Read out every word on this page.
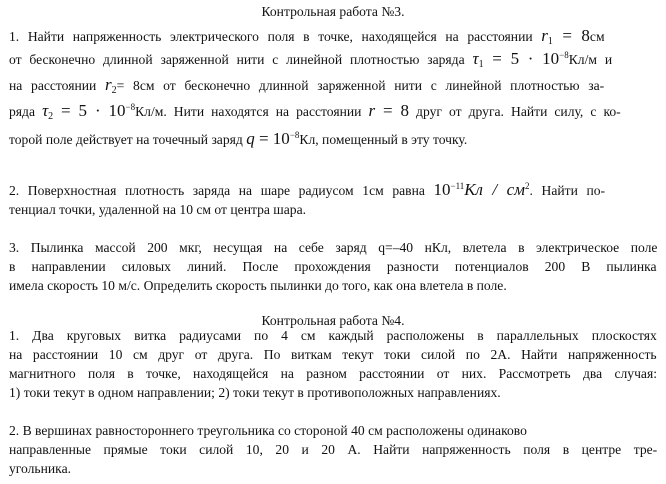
Контрольная работа №3.
1. Найти напряженность электрического поля в точке, находящейся на расстоянии $r_1 = 8см$
от бесконечно длинной заряженной нити с линейной плотностью заряда $\tau_1 = 5 \cdot 10^{-8}Кл/м$ и
на расстоянии $r_2= 8см$ от бесконечно длинной заряженной нити с линейной плотностью за-
ряда $\tau_2 = 5 \cdot 10^{-8}Кл/м$. Нити находятся на расстоянии r = 8 друг от друга. Найти силу, с ко-
торой поле действует на точечный заряд $q = 10^{-8}Кл$, помещенный в эту точку.
2. Поверхностная плотность заряда на шаре радиусом 1см равна $10^{-11}Кл / см^2$. Найти по-
тенциал точки, удаленной на 10 см от центра шара.
3. Пылинка массой 200 мкг, несущая на себе заряд q=–40 нКл, влетела в электрическое поле
в направлении силовых линий. После прохождения разности потенциалов 200 В пылинка
имела скорость 10 м/с. Определить скорость пылинки до того, как она влетела в поле.
Контрольная работа №4.
1. Два круговых витка радиусами по 4 см каждый расположены в параллельных плоскостях
на расстоянии 10 см друг от друга. По виткам текут токи силой по 2А. Найти напряженность
магнитного поля в точке, находящейся на разном расстоянии от них. Рассмотреть два случая:
1) токи текут в одном направлении; 2) токи текут в противоположных направлениях.
2. В вершинах равностороннего треугольника со стороной 40 см расположены одинаково
направленные прямые токи силой 10, 20 и 20 А. Найти напряженность поля в центре тре-
угольника.
